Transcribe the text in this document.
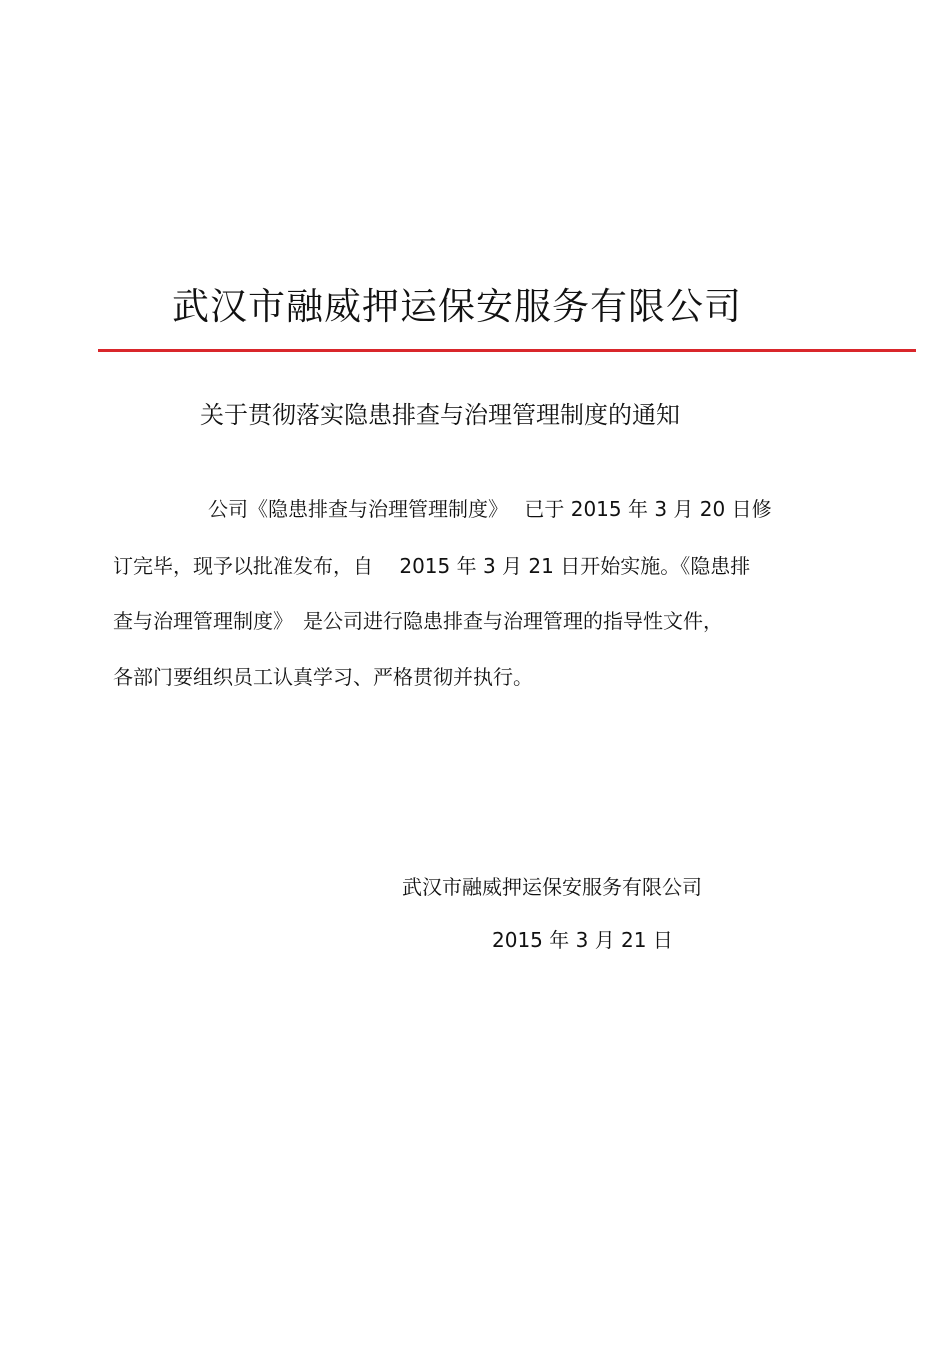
武汉市融威押运保安服务有限公司
关于贯彻落实隐患排查与治理管理制度的通知
公司《隐患排查与治理管理制度》　 已于 2015 年 3 月 20 日修
订完毕，现予以批准发布，自　 2015 年 3 月 21 日开始实施。《隐患排
查与治理管理制度》　是公司进行隐患排查与治理管理的指导性文件，
各部门要组织员工认真学习、严格贯彻并执行。
武汉市融威押运保安服务有限公司
2015 年 3 月 21 日
